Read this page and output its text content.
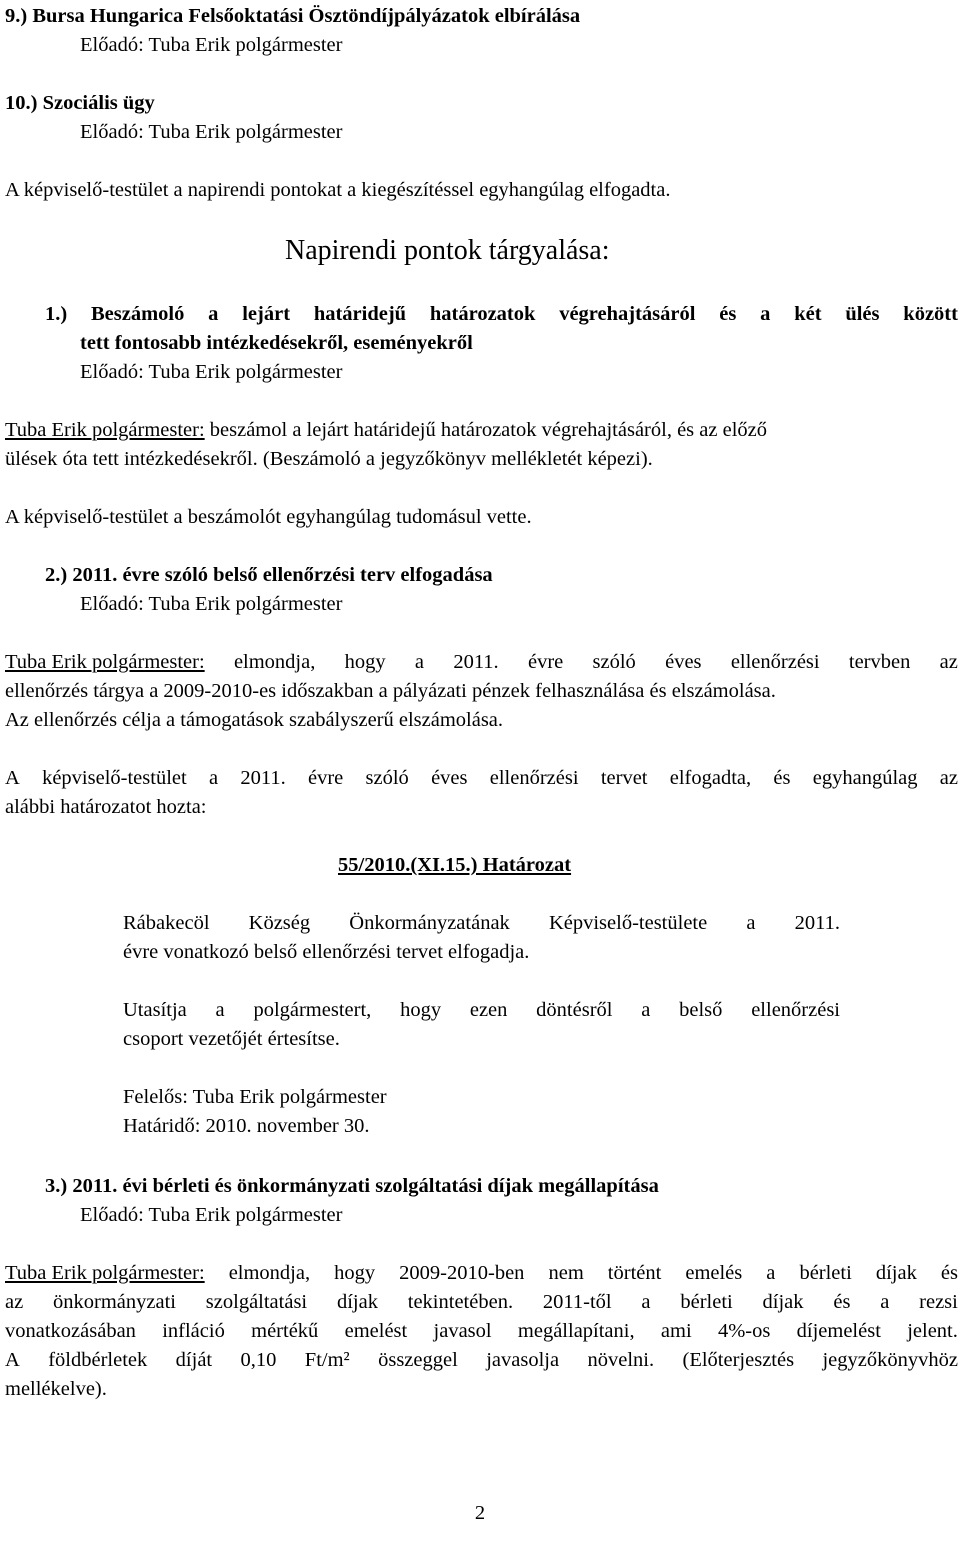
9.) Bursa Hungarica Felsőoktatási Ösztöndíjpályázatok elbírálása
Előadó: Tuba Erik polgármester
10.) Szociális ügy
Előadó: Tuba Erik polgármester
A képviselő-testület a napirendi pontokat a kiegészítéssel egyhangúlag elfogadta.
Napirendi pontok tárgyalása:
1.) Beszámoló a lejárt határidejű határozatok végrehajtásáról és a két ülés között
tett fontosabb intézkedésekről, eseményekről
Előadó: Tuba Erik polgármester
Tuba Erik polgármester: beszámol a lejárt határidejű határozatok végrehajtásáról, és az előző
ülések óta tett intézkedésekről. (Beszámoló a jegyzőkönyv mellékletét képezi).
A képviselő-testület a beszámolót egyhangúlag tudomásul vette.
2.) 2011. évre szóló belső ellenőrzési terv elfogadása
Előadó: Tuba Erik polgármester
Tuba Erik polgármester: elmondja, hogy a 2011. évre szóló éves ellenőrzési tervben az
ellenőrzés tárgya a 2009-2010-es időszakban a pályázati pénzek felhasználása és elszámolása.
Az ellenőrzés célja a támogatások szabályszerű elszámolása.
A képviselő-testület a 2011. évre szóló éves ellenőrzési tervet elfogadta, és egyhangúlag az
alábbi határozatot hozta:
55/2010.(XI.15.) Határozat
Rábakecöl Község Önkormányzatának Képviselő-testülete a 2011.
évre vonatkozó belső ellenőrzési tervet elfogadja.
Utasítja a polgármestert, hogy ezen döntésről a belső ellenőrzési
csoport vezetőjét értesítse.
Felelős: Tuba Erik polgármester
Határidő: 2010. november 30.
3.) 2011. évi bérleti és önkormányzati szolgáltatási díjak megállapítása
Előadó: Tuba Erik polgármester
Tuba Erik polgármester: elmondja, hogy 2009-2010-ben nem történt emelés a bérleti díjak és
az önkormányzati szolgáltatási díjak tekintetében. 2011-től a bérleti díjak és a rezsi
vonatkozásában infláció mértékű emelést javasol megállapítani, ami 4%-os díjemelést jelent.
A földbérletek díját 0,10 Ft/m² összeggel javasolja növelni. (Előterjesztés jegyzőkönyvhöz
mellékelve).
2
